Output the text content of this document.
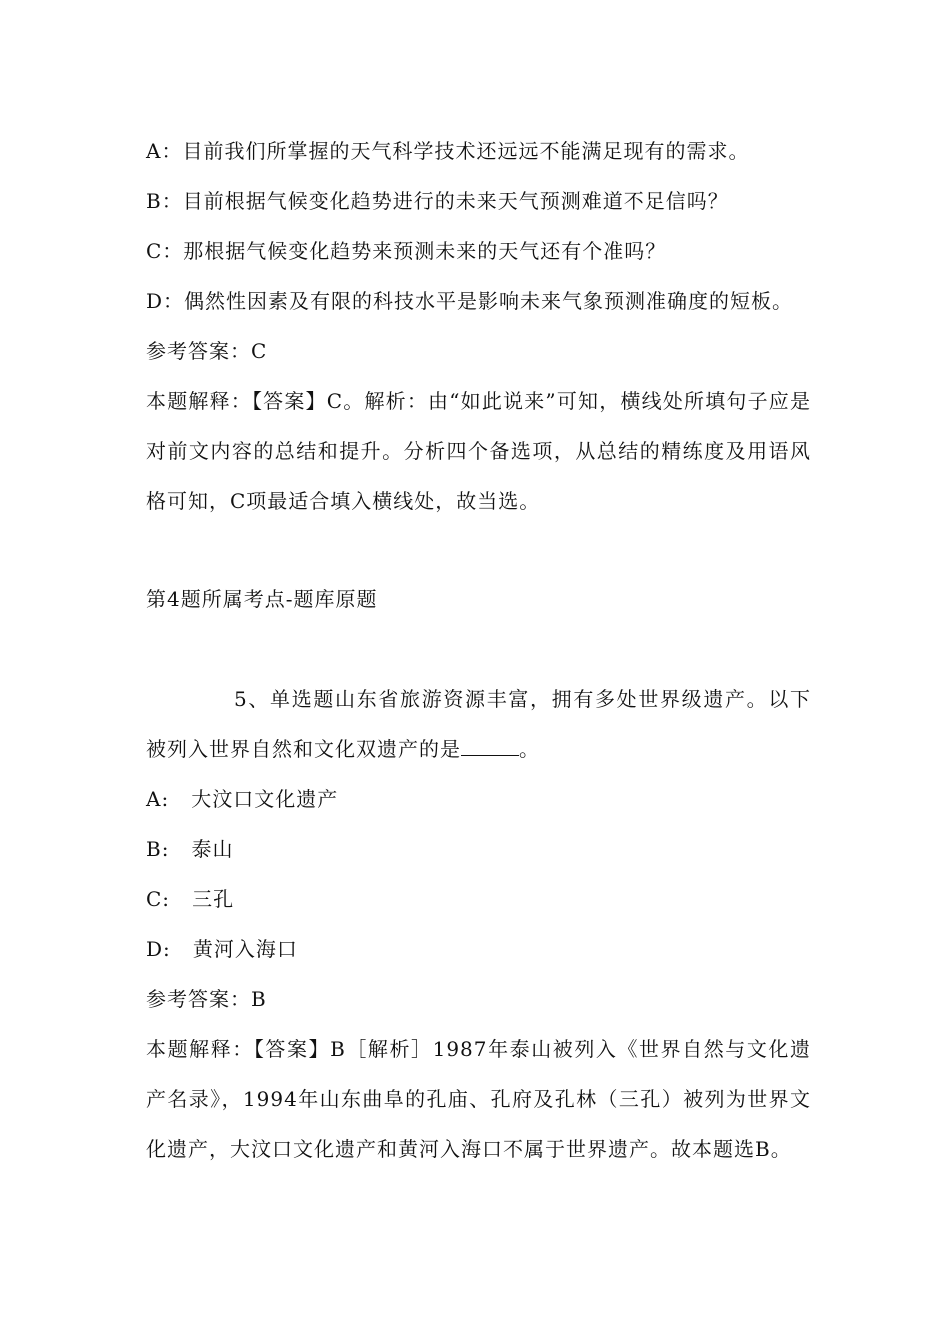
A：目前我们所掌握的天气科学技术还远远不能满足现有的需求。
B：目前根据气候变化趋势进行的未来天气预测难道不足信吗？
C：那根据气候变化趋势来预测未来的天气还有个准吗？
D：偶然性因素及有限的科技水平是影响未来气象预测准确度的短板。
参考答案：C
本题解释：【答案】C。解析：由“如此说来”可知，横线处所填句子应是对前文内容的总结和提升。分析四个备选项，从总结的精练度及用语风格可知，C项最适合填入横线处，故当选。
第4题所属考点-题库原题
5、单选题山东省旅游资源丰富，拥有多处世界级遗产。以下被列入世界自然和文化双遗产的是	。
A:   大汶口文化遗产
B:   泰山
C:   三孔
D:   黄河入海口
参考答案：B
本题解释：【答案】B［解析］1987年泰山被列入《世界自然与文化遗产名录》，1994年山东曲阜的孔庙、孔府及孔林（三孔）被列为世界文化遗产，大汶口文化遗产和黄河入海口不属于世界遗产。故本题选B。
